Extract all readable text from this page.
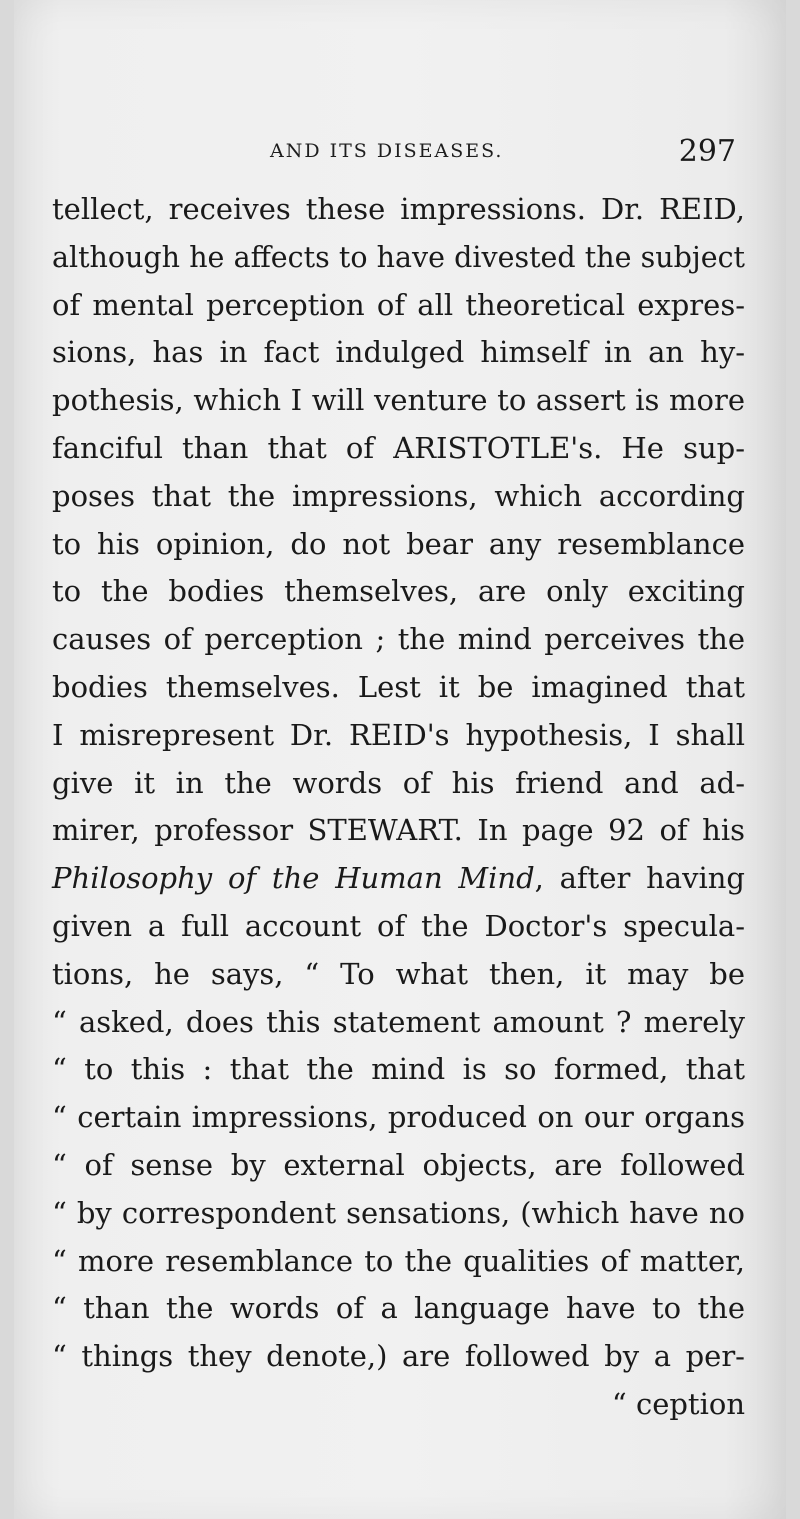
AND ITS DISEASES.	297
tellect, receives these impressions. Dr. REID,
although he affects to have divested the subject
of mental perception of all theoretical expres-
sions, has in fact indulged himself in an hy-
pothesis, which I will venture to assert is more
fanciful than that of ARISTOTLE's. He sup-
poses that the impressions, which according
to his opinion, do not bear any resemblance
to the bodies themselves, are only exciting
causes of perception ; the mind perceives the
bodies themselves. Lest it be imagined that
I misrepresent Dr. REID's hypothesis, I shall
give it in the words of his friend and ad-
mirer, professor STEWART. In page 92 of his
Philosophy of the Human Mind, after having
given a full account of the Doctor's specula-
tions, he says, “ To what then, it may be
“ asked, does this statement amount ? merely
“ to this : that the mind is so formed, that
“ certain impressions, produced on our organs
“ of sense by external objects, are followed
“ by correspondent sensations, (which have no
“ more resemblance to the qualities of matter,
“ than the words of a language have to the
“ things they denote,) are followed by a per-
“ ception
